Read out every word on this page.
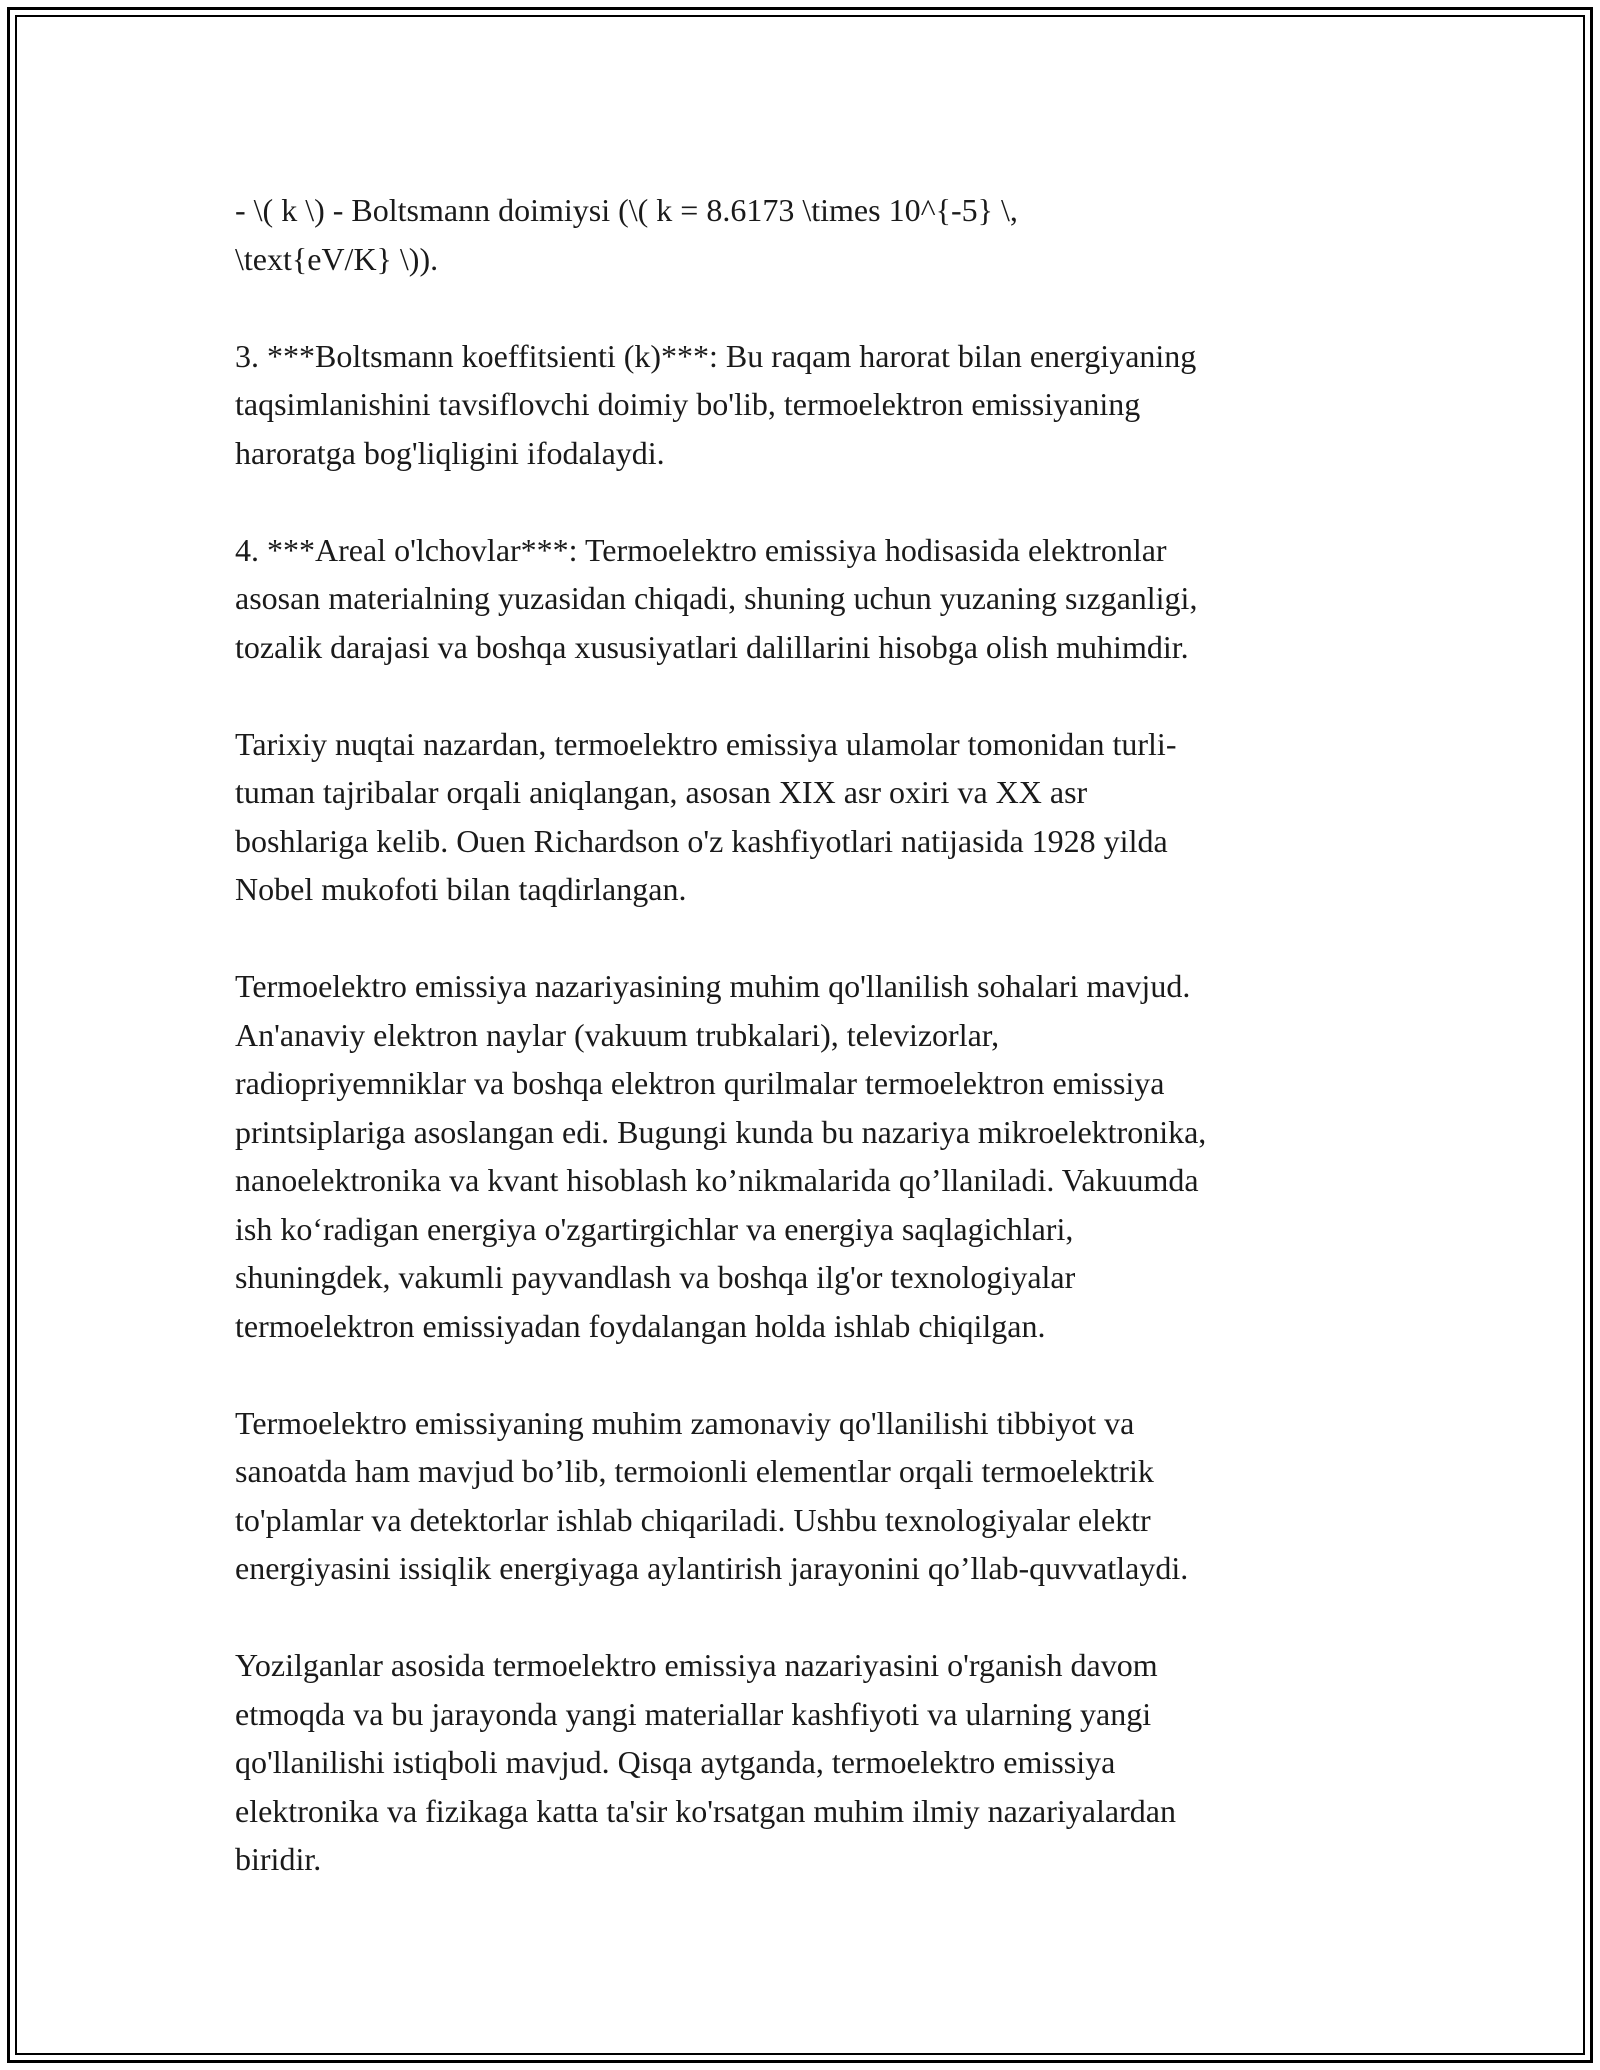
- \( k \) - Boltsmann doimiysi (\( k = 8.6173 \times 10^{-5} \,
\text{eV/K} \)).

3. ***Boltsmann koeffitsienti (k)***: Bu raqam harorat bilan energiyaning
taqsimlanishini tavsiflovchi doimiy bo'lib, termoelektron emissiyaning
haroratga bog'liqligini ifodalaydi.

4. ***Areal o'lchovlar***: Termoelektro emissiya hodisasida elektronlar
asosan materialning yuzasidan chiqadi, shuning uchun yuzaning sızganligi,
tozalik darajasi va boshqa xususiyatlari dalillarini hisobga olish muhimdir.

Tarixiy nuqtai nazardan, termoelektro emissiya ulamolar tomonidan turli-
tuman tajribalar orqali aniqlangan, asosan XIX asr oxiri va XX asr
boshlariga kelib. Ouen Richardson o'z kashfiyotlari natijasida 1928 yilda
Nobel mukofoti bilan taqdirlangan.

Termoelektro emissiya nazariyasining muhim qo'llanilish sohalari mavjud.
An'anaviy elektron naylar (vakuum trubkalari), televizorlar,
radiopriyemniklar va boshqa elektron qurilmalar termoelektron emissiya
printsiplariga asoslangan edi. Bugungi kunda bu nazariya mikroelektronika,
nanoelektronika va kvant hisoblash ko’nikmalarida qo’llaniladi. Vakuumda
ish ko‘radigan energiya o'zgartirgichlar va energiya saqlagichlari,
shuningdek, vakumli payvandlash va boshqa ilg'or texnologiyalar
termoelektron emissiyadan foydalangan holda ishlab chiqilgan.

Termoelektro emissiyaning muhim zamonaviy qo'llanilishi tibbiyot va
sanoatda ham mavjud bo’lib, termoionli elementlar orqali termoelektrik
to'plamlar va detektorlar ishlab chiqariladi. Ushbu texnologiyalar elektr
energiyasini issiqlik energiyaga aylantirish jarayonini qo’llab-quvvatlaydi.

Yozilganlar asosida termoelektro emissiya nazariyasini o'rganish davom
etmoqda va bu jarayonda yangi materiallar kashfiyoti va ularning yangi
qo'llanilishi istiqboli mavjud. Qisqa aytganda, termoelektro emissiya
elektronika va fizikaga katta ta'sir ko'rsatgan muhim ilmiy nazariyalardan
biridir.
